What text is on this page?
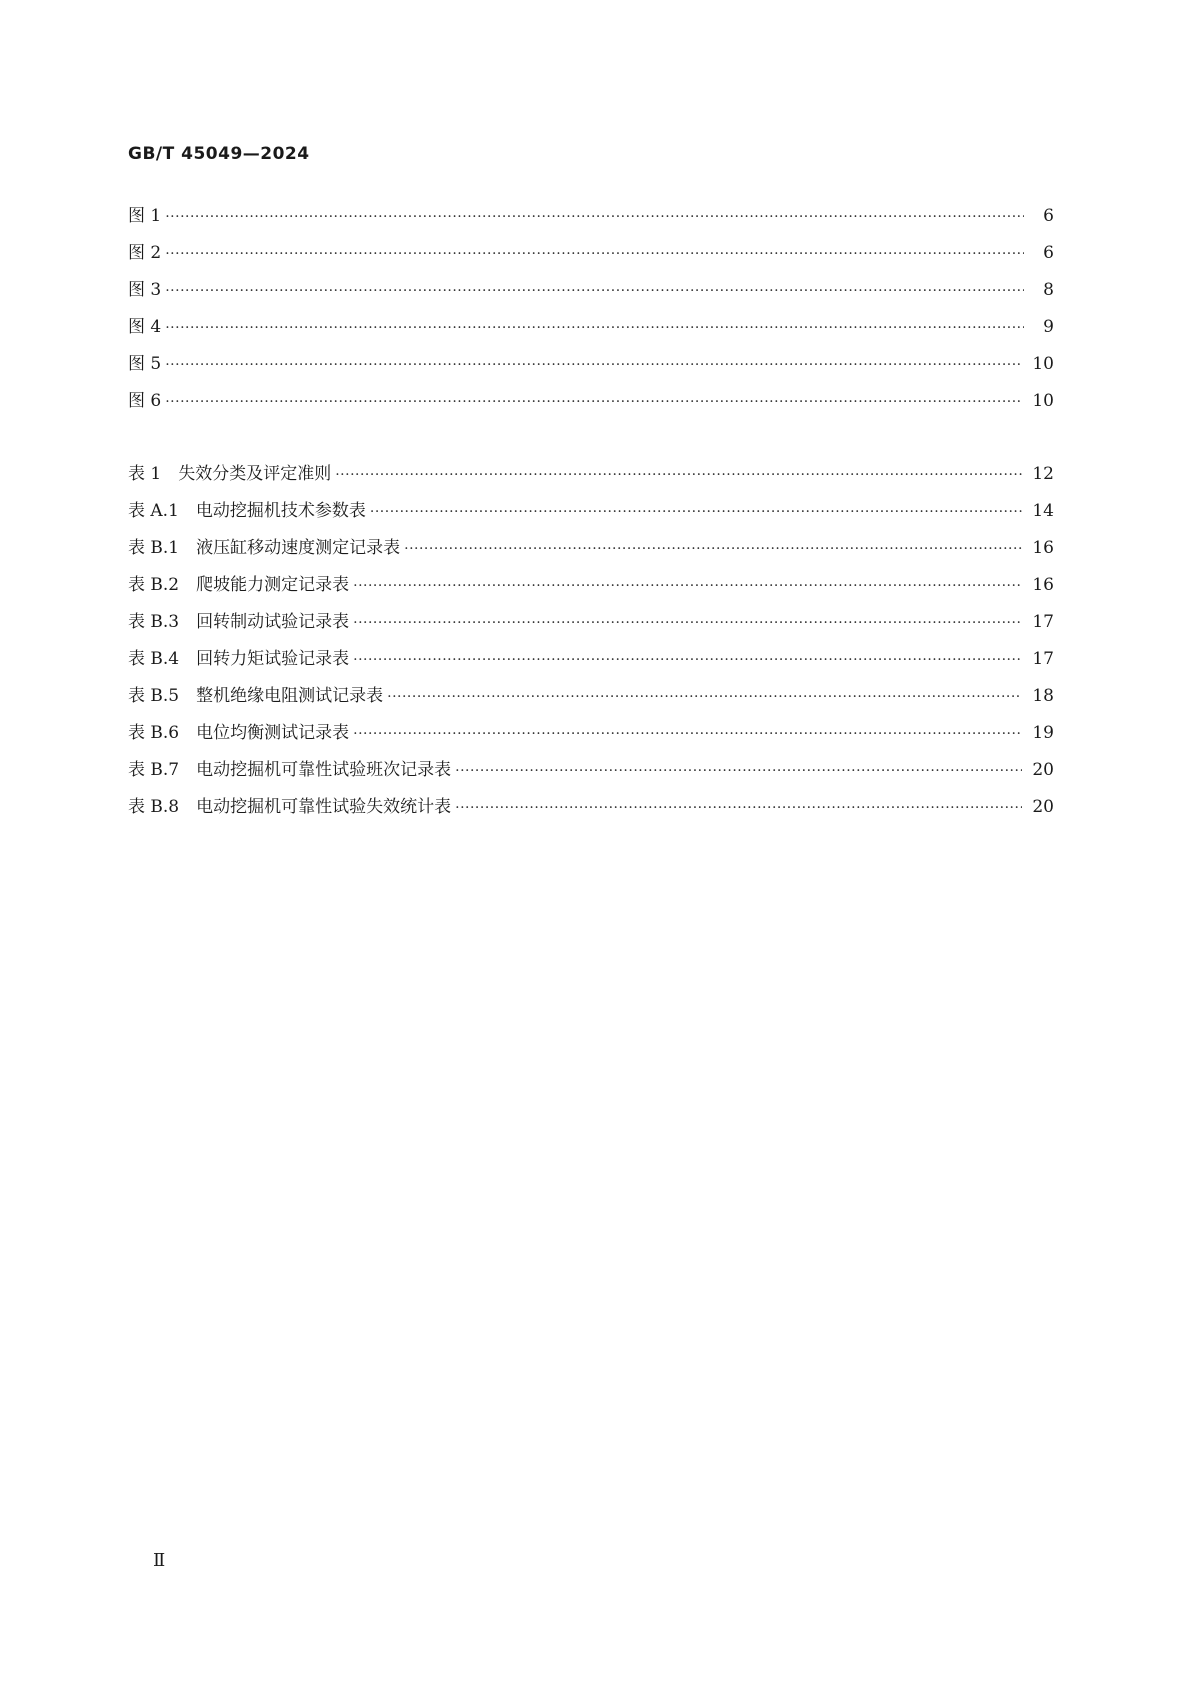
GB/T 45049—2024
图 1 ·····	6
图 2 ·····	6
图 3 ·····	8
图 4 ·····	9
图 5 ·····	10
图 6 ·····	10
表 1　失效分类及评定准则 ·····	12
表 A.1　电动挖掘机技术参数表 ·····	14
表 B.1　液压缸移动速度测定记录表 ·····	16
表 B.2　爬坡能力测定记录表 ·····	16
表 B.3　回转制动试验记录表 ·····	17
表 B.4　回转力矩试验记录表 ·····	17
表 B.5　整机绝缘电阻测试记录表 ·····	18
表 B.6　电位均衡测试记录表 ·····	19
表 B.7　电动挖掘机可靠性试验班次记录表 ·····	20
表 B.8　电动挖掘机可靠性试验失效统计表 ·····	20
Ⅱ
